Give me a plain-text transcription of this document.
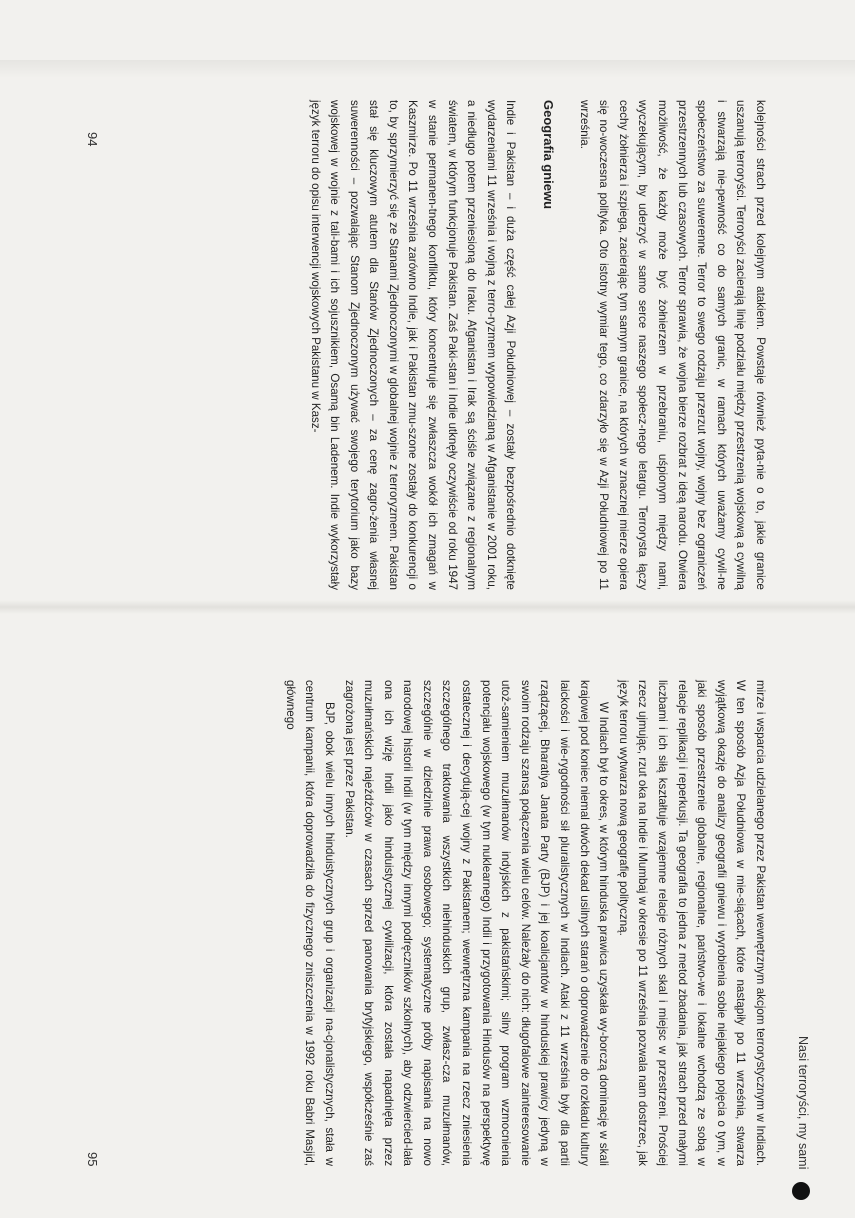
kolejności strach przed kolejnym atakiem. Powstaje również pyta-nie o to, jakie granice uszanują terroryści. Terroryści zacierają linię podziału między przestrzenią wojskową a cywilną i stwarzają nie-pewność co do samych granic, w ramach których uważamy cywil-ne społeczeństwo za suwerenne. Terror to swego rodzaju przerzut wojny, wojny bez ograniczeń przestrzennych lub czasowych. Terror sprawia, że wojna bierze rozbrat z ideą narodu. Otwiera możliwość, że każdy może być żołnierzem w przebraniu, uśpionym między nami, wyczekującym, by uderzyć w samo serce naszego społecz-nego letargu. Terrorysta łączy cechy żołnierza i szpiega, zacierając tym samym granice, na których w znacznej mierze opiera się no-woczesna polityka. Oto istotny wymiar tego, co zdarzyło się w Azji Południowej po 11 września.

Geografia gniewu

Indie i Pakistan – i duża część całej Azji Południowej – zostały bezpośrednio dotknięte wydarzeniami 11 września i wojną z terro-ryzmem wypowiedzianą w Afganistanie w 2001 roku, a niedługo potem przeniesioną do Iraku. Afganistan i Irak są ściśle związane z regionalnym światem, w którym funkcjonuje Pakistan. Zaś Paki-stan i Indie utknęły oczywiście od roku 1947 w stanie permanen-tnego konfliktu, który koncentruje się zwłaszcza wokół ich zmagań w Kaszmirze. Po 11 września zarówno Indie, jak i Pakistan zmu-szone zostały do konkurencji o to, by sprzymierzyć się ze Stanami Zjednoczonymi w globalnej wojnie z terroryzmem. Pakistan stał się kluczowym atutem dla Stanów Zjednoczonych – za cenę zagro-żenia własnej suwerenności – pozwalając Stanom Zjednoczonym używać swojego terytorium jako bazy wojskowej w wojnie z tali-bami i ich sojusznikiem, Osamą bin Ladenem. Indie wykorzystały język terroru do opisu interwencji wojskowych Pakistanu w Kasz-

94

mirze i wsparcia udzielanego przez Pakistan wewnętrznym akcjom terrorystycznym w Indiach. W ten sposób Azja Południowa w mie-siącach, które nastąpiły po 11 września, stwarza wyjątkową okazję do analizy geografii gniewu i wyrobienia sobie niejakiego pojęcia o tym, w jaki sposób przestrzenie globalne, regionalne, państwo-we i lokalne wchodzą ze sobą w relacje replikacji i reperkusji. Ta geografia to jedna z metod zbadania, jak strach przed małymi liczbami i ich siłą kształtuje wzajemne relacje różnych skal i miejsc w przestrzeni. Prościej rzecz ujmując, rzut oka na Indie i Mumbaj w okresie po 11 września pozwala nam dostrzec, jak język terroru wytwarza nową geografię polityczną.

W Indiach był to okres, w którym hinduska prawica uzyskała wy-borczą dominację w skali krajowej pod koniec niemal dwóch dekad usilnych starań o doprowadzenie do rozkładu kultury laickości i wie-rygodności sił pluralistycznych w Indiach. Ataki z 11 września były dla partii rządzącej, Bharatiya Janata Party (BJP) i jej koalicjantów w hinduskiej prawicy jedyną w swoim rodzaju szansą połączenia wielu celów. Należały do nich: długofalowe zainteresowanie utoż-samieniem muzułmanów indyjskich z pakistańskimi; silny program wzmocnienia potencjału wojskowego (w tym nuklearnego) Indii i przygotowania Hindusów na perspektywę ostatecznej i decydują-cej wojny z Pakistanem; wewnętrzna kampania na rzecz zniesienia szczególnego traktowania wszystkich niehinduskich grup, zwłasz-cza muzułmanów, szczególnie w dziedzinie prawa osobowego; systematyczne próby napisania na nowo narodowej historii Indii (w tym między innymi podręczników szkolnych), aby odzwiercied-lała ona ich wizję Indii jako hinduistycznej cywilizacji, która została napadnięta przez muzułmańskich najeźdźców w czasach sprzed panowania brytyjskiego, współcześnie zaś zagrożona jest przez Pakistan.

BJP, obok wielu innych hinduistycznych grup i organizacji na-cjonalistycznych, stała w centrum kampanii, która doprowadziła do fizycznego zniszczenia w 1992 roku Babri Masjid, głównego

Nasi terroryści, my sami
95
